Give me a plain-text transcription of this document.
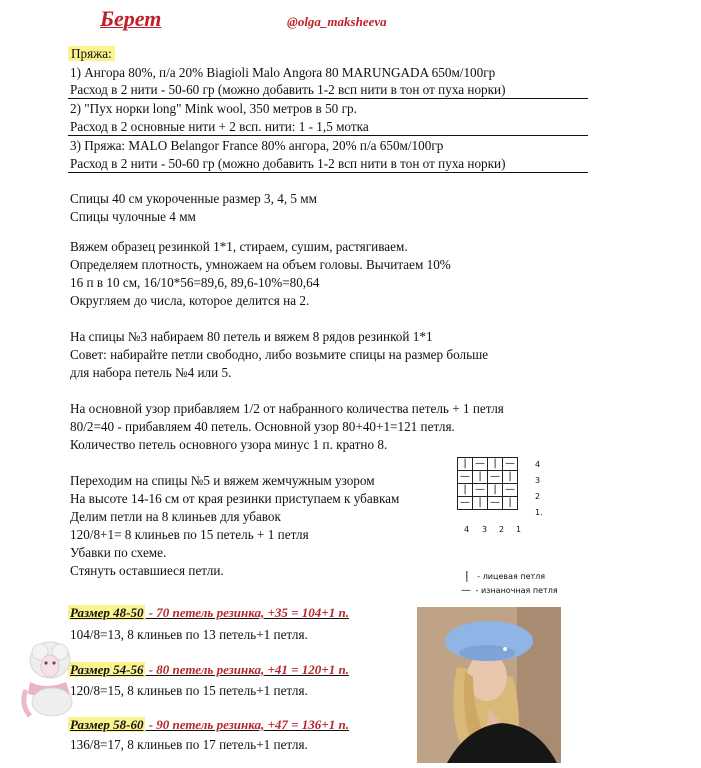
Берет	@olga_maksheeva
Пряжа:
1) Ангора 80%, п/а 20% Biagioli Malo Angora 80 MARUNGADA 650м/100гр
Расход в 2 нити - 50-60 гр (можно добавить 1-2 всп нити в тон от пуха норки)
2) "Пух норки long" Mink wool, 350 метров в 50 гр.
Расход в 2 основные нити + 2 всп. нити: 1 - 1,5 мотка
3) Пряжа: MALO Belangor France 80% ангора, 20% п/а 650м/100гр
Расход в 2 нити - 50-60 гр (можно добавить 1-2 всп нити в тон от пуха норки)
Спицы 40 см укороченные размер 3, 4, 5 мм
Спицы чулочные 4 мм
Вяжем образец резинкой 1*1, стираем, сушим, растягиваем.
Определяем плотность, умножаем на объем головы. Вычитаем 10%
16 п в 10 см, 16/10*56=89,6, 89,6-10%=80,64
Округляем до числа, которое делится на 2.
На спицы №3 набираем 80 петель и вяжем 8 рядов резинкой 1*1
Совет: набирайте петли свободно, либо возьмите спицы на размер больше
для набора петель №4 или 5.
На основной узор прибавляем 1/2 от набранного количества петель + 1 петля
80/2=40 - прибавляем 40 петель. Основной узор 80+40+1=121 петля.
Количество петель основного узора минус 1 п. кратно 8.
Переходим на спицы №5 и вяжем жемчужным узором
На высоте 14-16 см от края резинки приступаем к убавкам
Делим петли на 8 клиньев для убавок
120/8+1= 8 клиньев по 15 петель + 1 петля
Убавки по схеме.
Стянуть оставшиеся петли.
|	—	|	—
—	|	—	|
|	—	|	—
—	|	—	|
4
3
2
1.
4 3 2 1
| - лицевая петля
— - изнаночная петля
Размер 48-50 - 70 петель резинка, +35 = 104+1 п.
104/8=13, 8 клиньев по 13 петель+1 петля.
Размер 54-56 - 80 петель резинка, +41 = 120+1 п.
120/8=15, 8 клиньев по 15 петель+1 петля.
Размер 58-60 - 90 петель резинка, +47 = 136+1 п.
136/8=17, 8 клиньев по 17 петель+1 петля.
